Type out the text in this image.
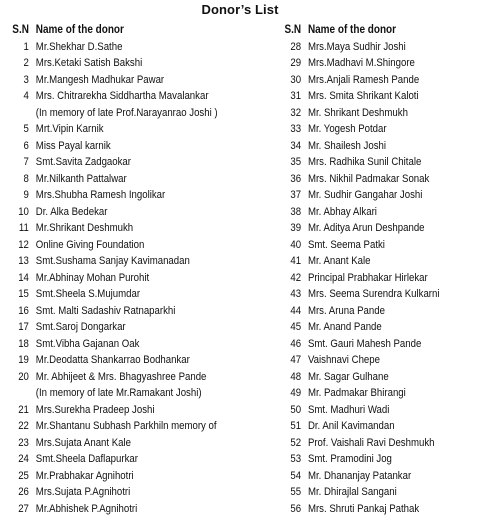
Donor’s List
S.N Name of the donor
1 Mr.Shekhar D.Sathe
2 Mrs.Ketaki Satish Bakshi
3 Mr.Mangesh Madhukar Pawar
4 Mrs. Chitrarekha Siddhartha Mavalankar
(In memory of late Prof.Narayanrao Joshi )
5 Mrt.Vipin Karnik
6 Miss Payal karnik
7 Smt.Savita Zadgaokar
8 Mr.Nilkanth Pattalwar
9 Mrs.Shubha Ramesh Ingolikar
10 Dr. Alka Bedekar
11 Mr.Shrikant Deshmukh
12 Online Giving Foundation
13 Smt.Sushama Sanjay Kavimanadan
14 Mr.Abhinay Mohan Purohit
15 Smt.Sheela S.Mujumdar
16 Smt. Malti Sadashiv Ratnaparkhi
17 Smt.Saroj Dongarkar
18 Smt.Vibha Gajanan Oak
19 Mr.Deodatta Shankarrao Bodhankar
20 Mr. Abhijeet & Mrs. Bhagyashree Pande
(In memory of late Mr.Ramakant Joshi)
21 Mrs.Surekha Pradeep Joshi
22 Mr.Shantanu Subhash Parkhiln memory of
23 Mrs.Sujata Anant Kale
24 Smt.Sheela Daflapurkar
25 Mr.Prabhakar Agnihotri
26 Mrs.Sujata P.Agnihotri
27 Mr.Abhishek P.Agnihotri
S.N Name of the donor
28 Mrs.Maya Sudhir Joshi
29 Mrs.Madhavi M.Shingore
30 Mrs.Anjali Ramesh Pande
31 Mrs. Smita Shrikant Kaloti
32 Mr. Shrikant Deshmukh
33 Mr. Yogesh Potdar
34 Mr. Shailesh Joshi
35 Mrs. Radhika Sunil Chitale
36 Mrs. Nikhil Padmakar Sonak
37 Mr. Sudhir Gangahar Joshi
38 Mr. Abhay Alkari
39 Mr. Aditya Arun Deshpande
40 Smt. Seema Patki
41 Mr. Anant Kale
42 Principal Prabhakar Hirlekar
43 Mrs. Seema Surendra Kulkarni
44 Mrs. Aruna Pande
45 Mr. Anand Pande
46 Smt. Gauri Mahesh Pande
47 Vaishnavi Chepe
48 Mr. Sagar Gulhane
49 Mr. Padmakar Bhirangi
50 Smt. Madhuri Wadi
51 Dr. Anil Kavimandan
52 Prof. Vaishali Ravi Deshmukh
53 Smt. Pramodini Jog
54 Mr. Dhananjay Patankar
55 Mr. Dhirajlal Sangani
56 Mrs. Shruti Pankaj Pathak
